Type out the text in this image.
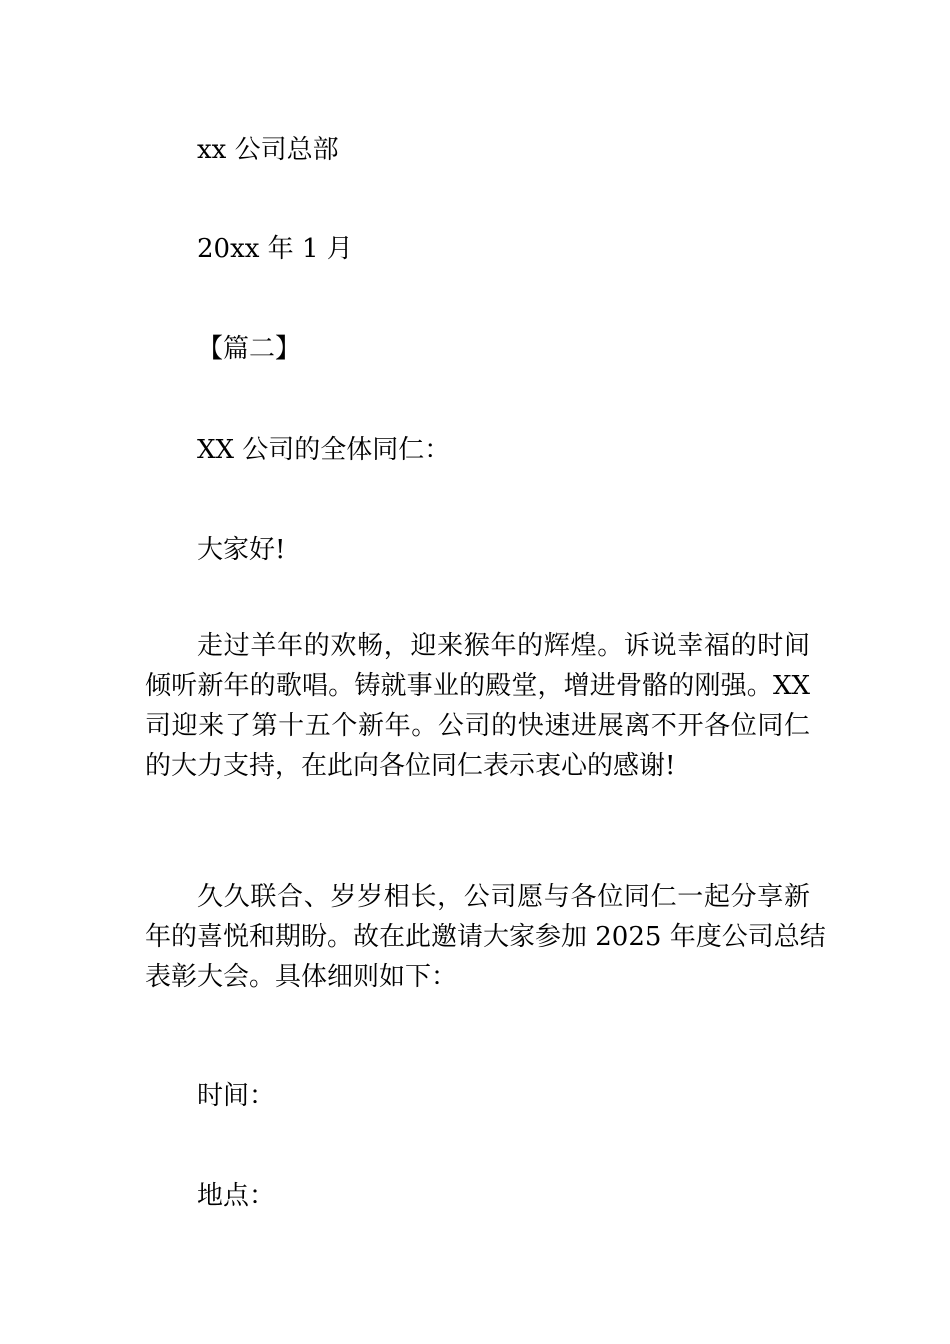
xx 公司总部

20xx 年 1 月

【篇二】

XX 公司的全体同仁：

大家好!

走过羊年的欢畅，迎来猴年的辉煌。诉说幸福的时间
倾听新年的歌唱。铸就事业的殿堂，增进骨骼的刚强。XX
司迎来了第十五个新年。公司的快速进展离不开各位同仁
的大力支持，在此向各位同仁表示衷心的感谢!
久久联合、岁岁相长，公司愿与各位同仁一起分享新
年的喜悦和期盼。故在此邀请大家参加 2025 年度公司总结
表彰大会。具体细则如下：

时间：

地点：
